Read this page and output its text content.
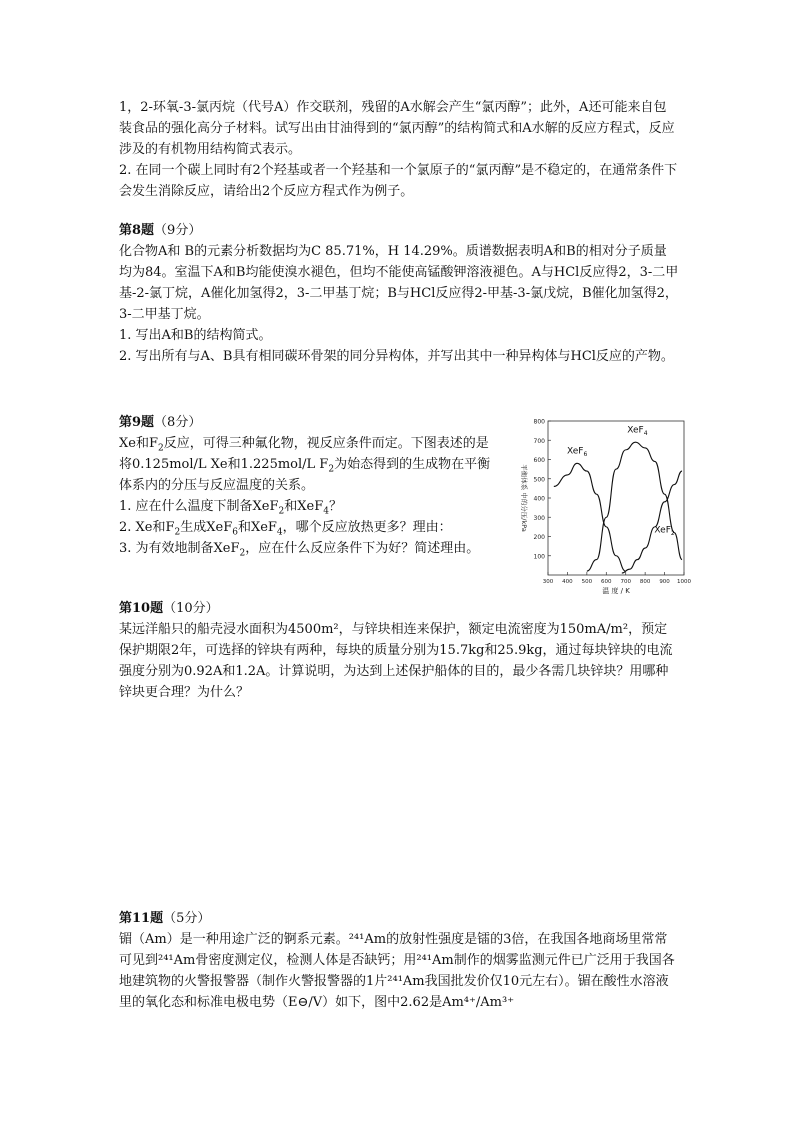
1，2-环氧-3-氯丙烷（代号A）作交联剂，残留的A水解会产生“氯丙醇”；此外，A还可能来自包装食品的强化高分子材料。试写出由甘油得到的“氯丙醇”的结构简式和A水解的反应方程式，反应涉及的有机物用结构简式表示。

2. 在同一个碳上同时有2个羟基或者一个羟基和一个氯原子的“氯丙醇”是不稳定的，在通常条件下会发生消除反应，请给出2个反应方程式作为例子。

第8题（9分）

化合物A和 B的元素分析数据均为C 85.71%，H 14.29%。质谱数据表明A和B的相对分子质量均为84。室温下A和B均能使溴水褪色，但均不能使高锰酸钾溶液褪色。A与HCl反应得2，3-二甲基-2-氯丁烷，A催化加氢得2，3-二甲基丁烷；B与HCl反应得2-甲基-3-氯戊烷，B催化加氢得2，3-二甲基丁烷。

1. 写出A和B的结构简式。

2. 写出所有与A、B具有相同碳环骨架的同分异构体，并写出其中一种异构体与HCl反应的产物。

第9题（8分）

Xe和$F_2$反应，可得三种氟化物，视反应条件而定。下图表述的是将0.125mol/L Xe和1.225mol/L $F_2$为始态得到的生成物在平衡体系内的分压与反应温度的关系。

1. 应在什么温度下制备XeF$_2$和XeF$_4$？

2. Xe和$F_2$生成XeF$_6$和XeF$_4$，哪个反应放热更多？理由：

3. 为有效地制备XeF$_2$，应在什么反应条件下为好？简述理由。

100
200
300
400
500
600
700
800
300 400 500 600 700 800 900 1000
温 度 / K
平衡体系 中的分压/kPa
XeF$_6$
XeF$_4$
XeF$_2$

第10题（10分）

某远洋船只的船壳浸水面积为4500m²，与锌块相连来保护，额定电流密度为150mA/m²，预定保护期限2年，可选择的锌块有两种，每块的质量分别为15.7kg和25.9kg，通过每块锌块的电流强度分别为0.92A和1.2A。计算说明，为达到上述保护船体的目的，最少各需几块锌块？用哪种锌块更合理？为什么？

第11题（5分）

镅（Am）是一种用途广泛的锕系元素。²⁴¹Am的放射性强度是镭的3倍，在我国各地商场里常常可见到²⁴¹Am骨密度测定仪，检测人体是否缺钙；用²⁴¹Am制作的烟雾监测元件已广泛用于我国各地建筑物的火警报警器（制作火警报警器的1片²⁴¹Am我国批发价仅10元左右）。镅在酸性水溶液里的氧化态和标准电极电势（E⊖/V）如下，图中2.62是Am⁴⁺/Am³⁺
